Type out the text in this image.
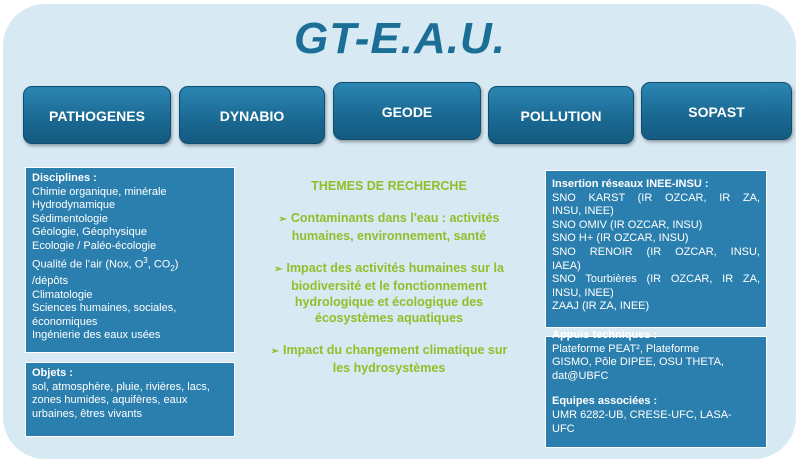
GT-E.A.U.
PATHOGENES	DYNABIO	GEODE	POLLUTION	SOPAST
Disciplines :
Chimie organique, minérale
Hydrodynamique
Sédimentologie
Géologie, Géophysique
Ecologie / Paléo-écologie
Qualité de l’air (Nox, $O^3$, $CO_2$)
/dépôts
Climatologie
Sciences humaines, sociales,
économiques
Ingénierie des eaux usées
Objets :
sol, atmosphère, pluie, rivières, lacs,
zones humides, aquifères, eaux
urbaines, êtres vivants
THEMES DE RECHERCHE
➢ Contaminants dans l'eau : activités
humaines, environnement, santé
➢ Impact des activités humaines sur la
biodiversité et le fonctionnement
hydrologique et écologique des
écosystèmes aquatiques
➢ Impact du changement climatique sur
les hydrosystèmes
Insertion réseaux INEE-INSU :
SNO KARST (IR OZCAR, IR ZA,
INSU, INEE)
SNO OMIV (IR OZCAR, INSU)
SNO H+ (IR OZCAR, INSU)
SNO RENOIR (IR OZCAR, INSU,
IAEA)
SNO Tourbières (IR OZCAR, IR ZA,
INSU, INEE)
ZAAJ (IR ZA, INEE)
Appuis techniques :
Plateforme PEAT², Plateforme
GISMO, Pôle DIPEE, OSU THETA,
dat@UBFC
Equipes associées :
UMR 6282-UB, CRESE-UFC, LASA-
UFC
